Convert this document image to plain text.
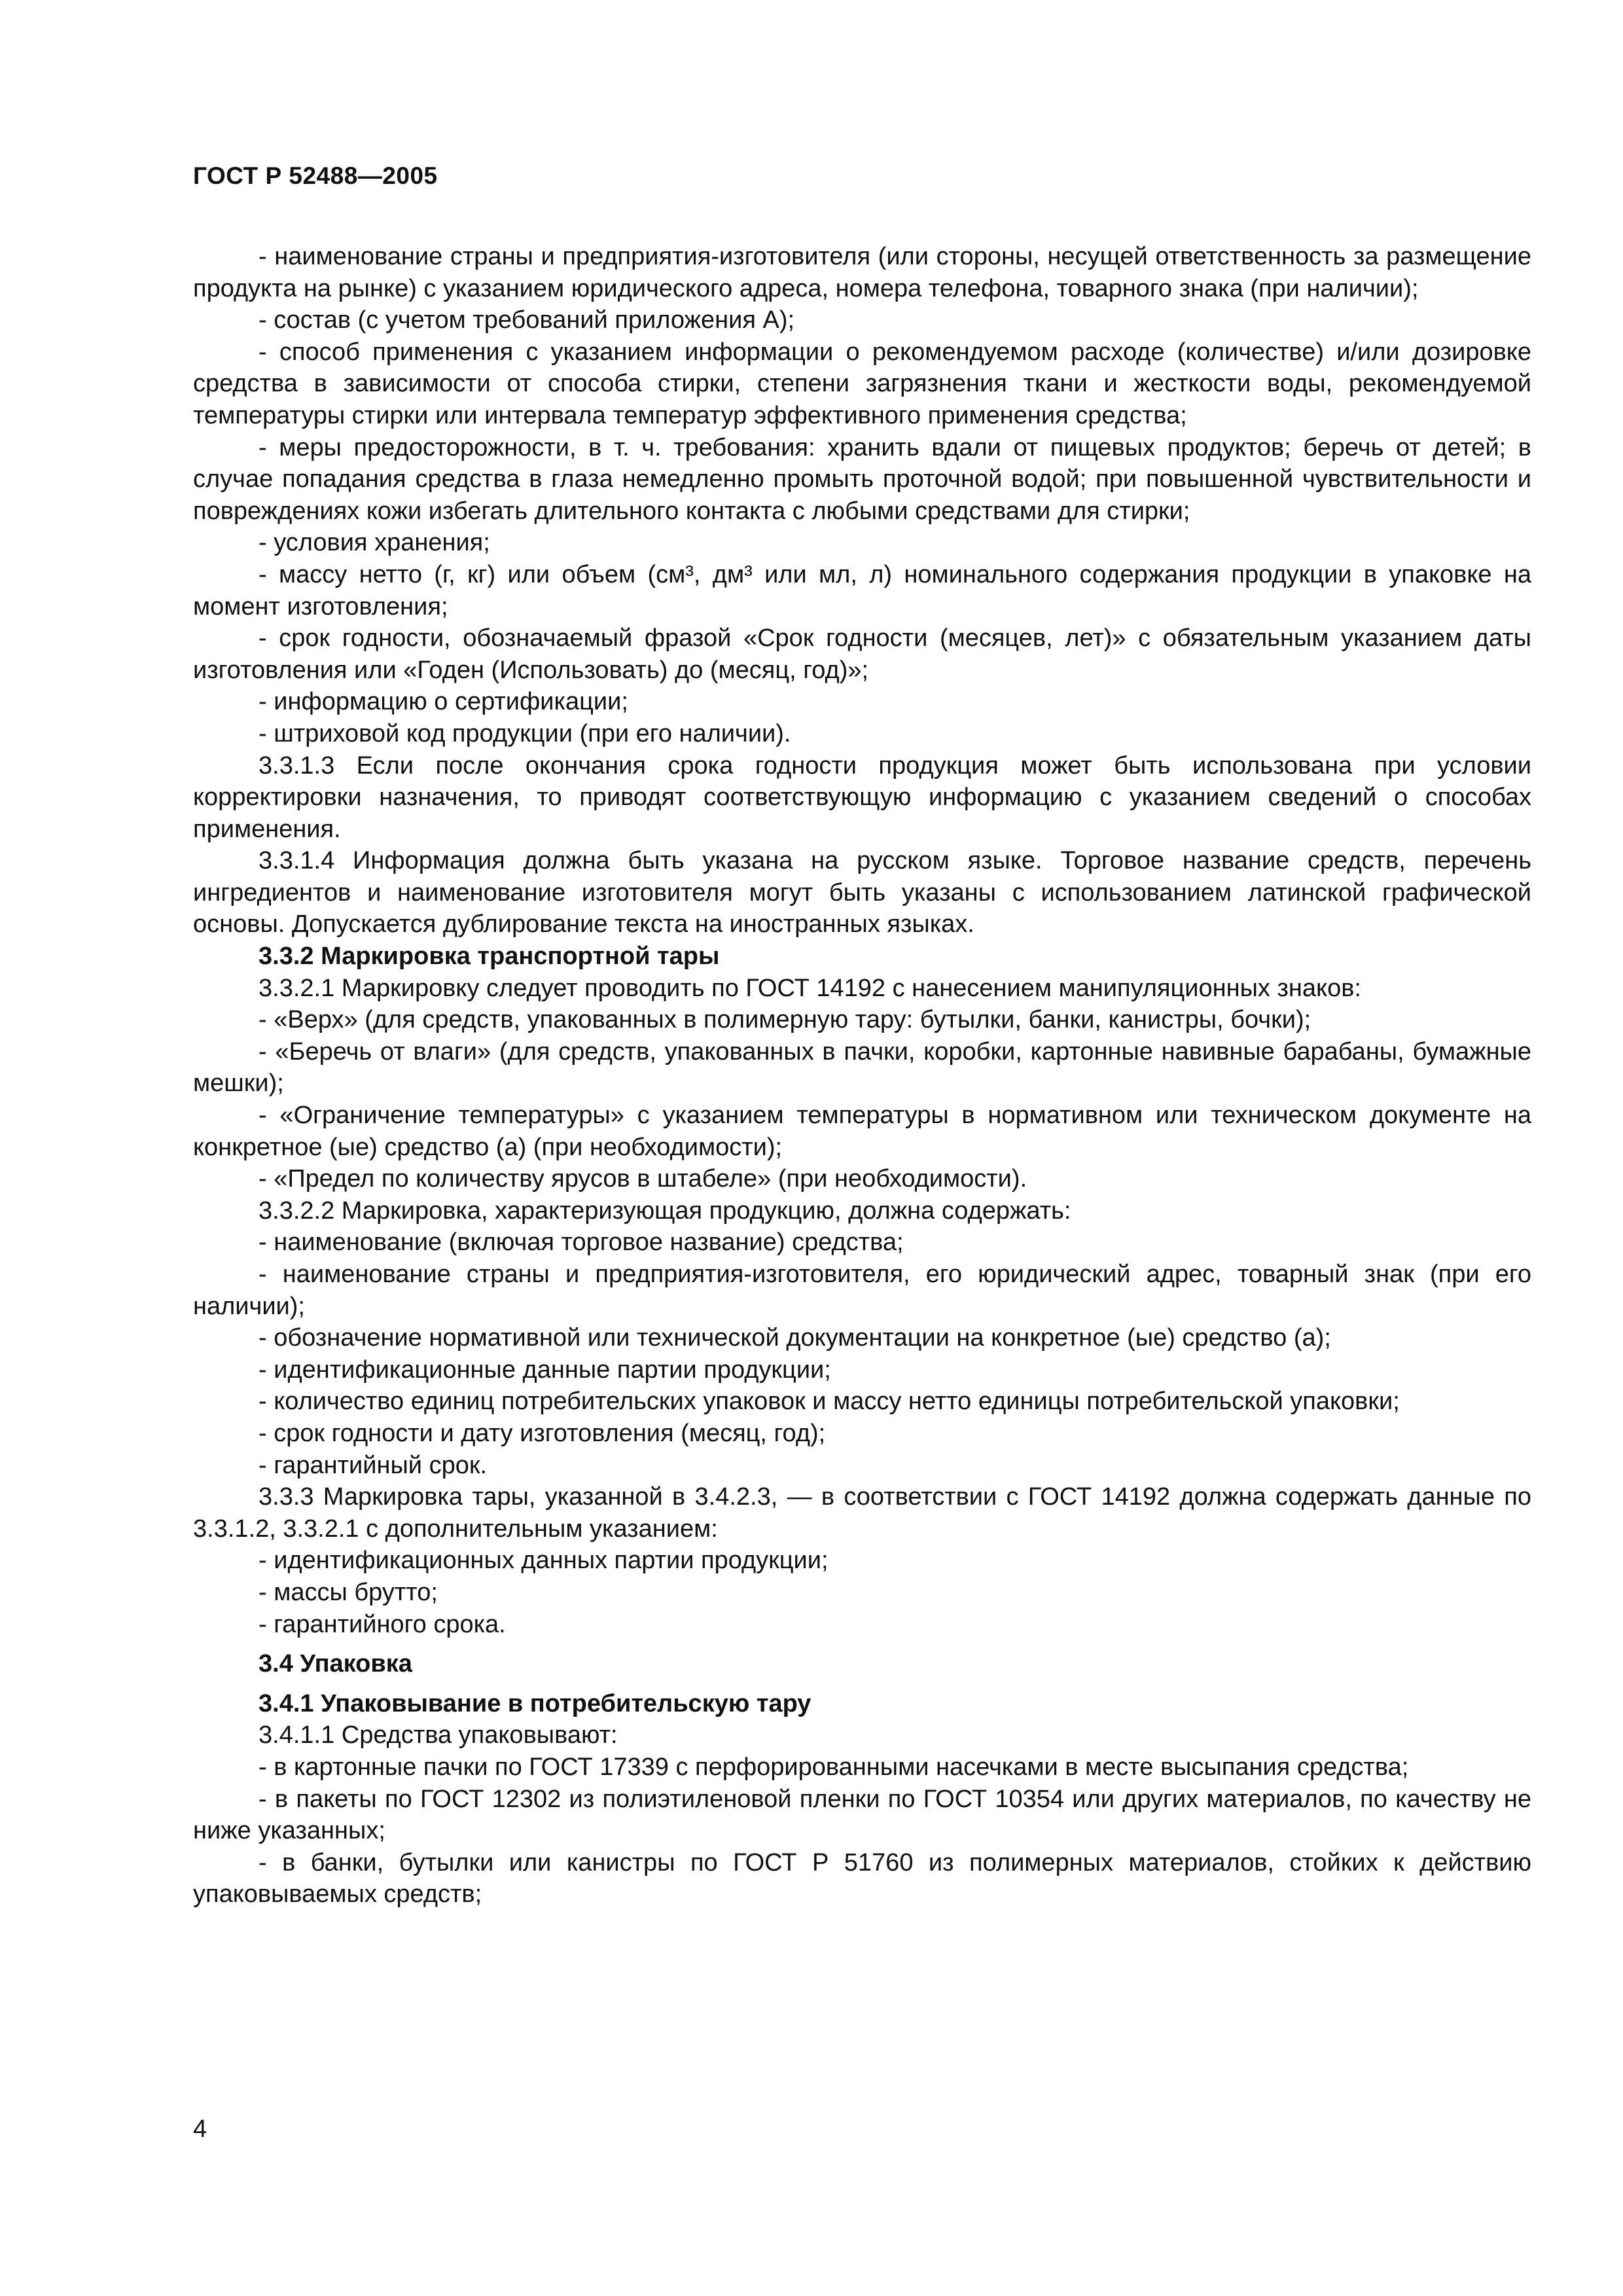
ГОСТ Р 52488—2005

- наименование страны и предприятия-изготовителя (или стороны, несущей ответственность за размещение продукта на рынке) с указанием юридического адреса, номера телефона, товарного знака (при наличии);

- состав (с учетом требований приложения А);

- способ применения с указанием информации о рекомендуемом расходе (количестве) и/или дозировке средства в зависимости от способа стирки, степени загрязнения ткани и жесткости воды, рекомендуемой температуры стирки или интервала температур эффективного применения средства;

- меры предосторожности, в т. ч. требования: хранить вдали от пищевых продуктов; беречь от детей; в случае попадания средства в глаза немедленно промыть проточной водой; при повышенной чувствительности и повреждениях кожи избегать длительного контакта с любыми средствами для стирки;

- условия хранения;

- массу нетто (г, кг) или объем (см³, дм³ или мл, л) номинального содержания продукции в упаковке на момент изготовления;

- срок годности, обозначаемый фразой «Срок годности (месяцев, лет)» с обязательным указанием даты изготовления или «Годен (Использовать) до (месяц, год)»;

- информацию о сертификации;

- штриховой код продукции (при его наличии).

3.3.1.3 Если после окончания срока годности продукция может быть использована при условии корректировки назначения, то приводят соответствующую информацию с указанием сведений о способах применения.

3.3.1.4 Информация должна быть указана на русском языке. Торговое название средств, перечень ингредиентов и наименование изготовителя могут быть указаны с использованием латинской графической основы. Допускается дублирование текста на иностранных языках.

3.3.2 Маркировка транспортной тары

3.3.2.1 Маркировку следует проводить по ГОСТ 14192 с нанесением манипуляционных знаков:

- «Верх» (для средств, упакованных в полимерную тару: бутылки, банки, канистры, бочки);

- «Беречь от влаги» (для средств, упакованных в пачки, коробки, картонные навивные барабаны, бумажные мешки);

- «Ограничение температуры» с указанием температуры в нормативном или техническом документе на конкретное (ые) средство (а) (при необходимости);

- «Предел по количеству ярусов в штабеле» (при необходимости).

3.3.2.2 Маркировка, характеризующая продукцию, должна содержать:

- наименование (включая торговое название) средства;

- наименование страны и предприятия-изготовителя, его юридический адрес, товарный знак (при его наличии);

- обозначение нормативной или технической документации на конкретное (ые) средство (а);

- идентификационные данные партии продукции;

- количество единиц потребительских упаковок и массу нетто единицы потребительской упаковки;

- срок годности и дату изготовления (месяц, год);

- гарантийный срок.

3.3.3 Маркировка тары, указанной в 3.4.2.3, — в соответствии с ГОСТ 14192 должна содержать данные по 3.3.1.2, 3.3.2.1 с дополнительным указанием:

- идентификационных данных партии продукции;

- массы брутто;

- гарантийного срока.

3.4 Упаковка

3.4.1 Упаковывание в потребительскую тару

3.4.1.1 Средства упаковывают:

- в картонные пачки по ГОСТ 17339 с перфорированными насечками в месте высыпания средства;

- в пакеты по ГОСТ 12302 из полиэтиленовой пленки по ГОСТ 10354 или других материалов, по качеству не ниже указанных;

- в банки, бутылки или канистры по ГОСТ Р 51760 из полимерных материалов, стойких к действию упаковываемых средств;

4
